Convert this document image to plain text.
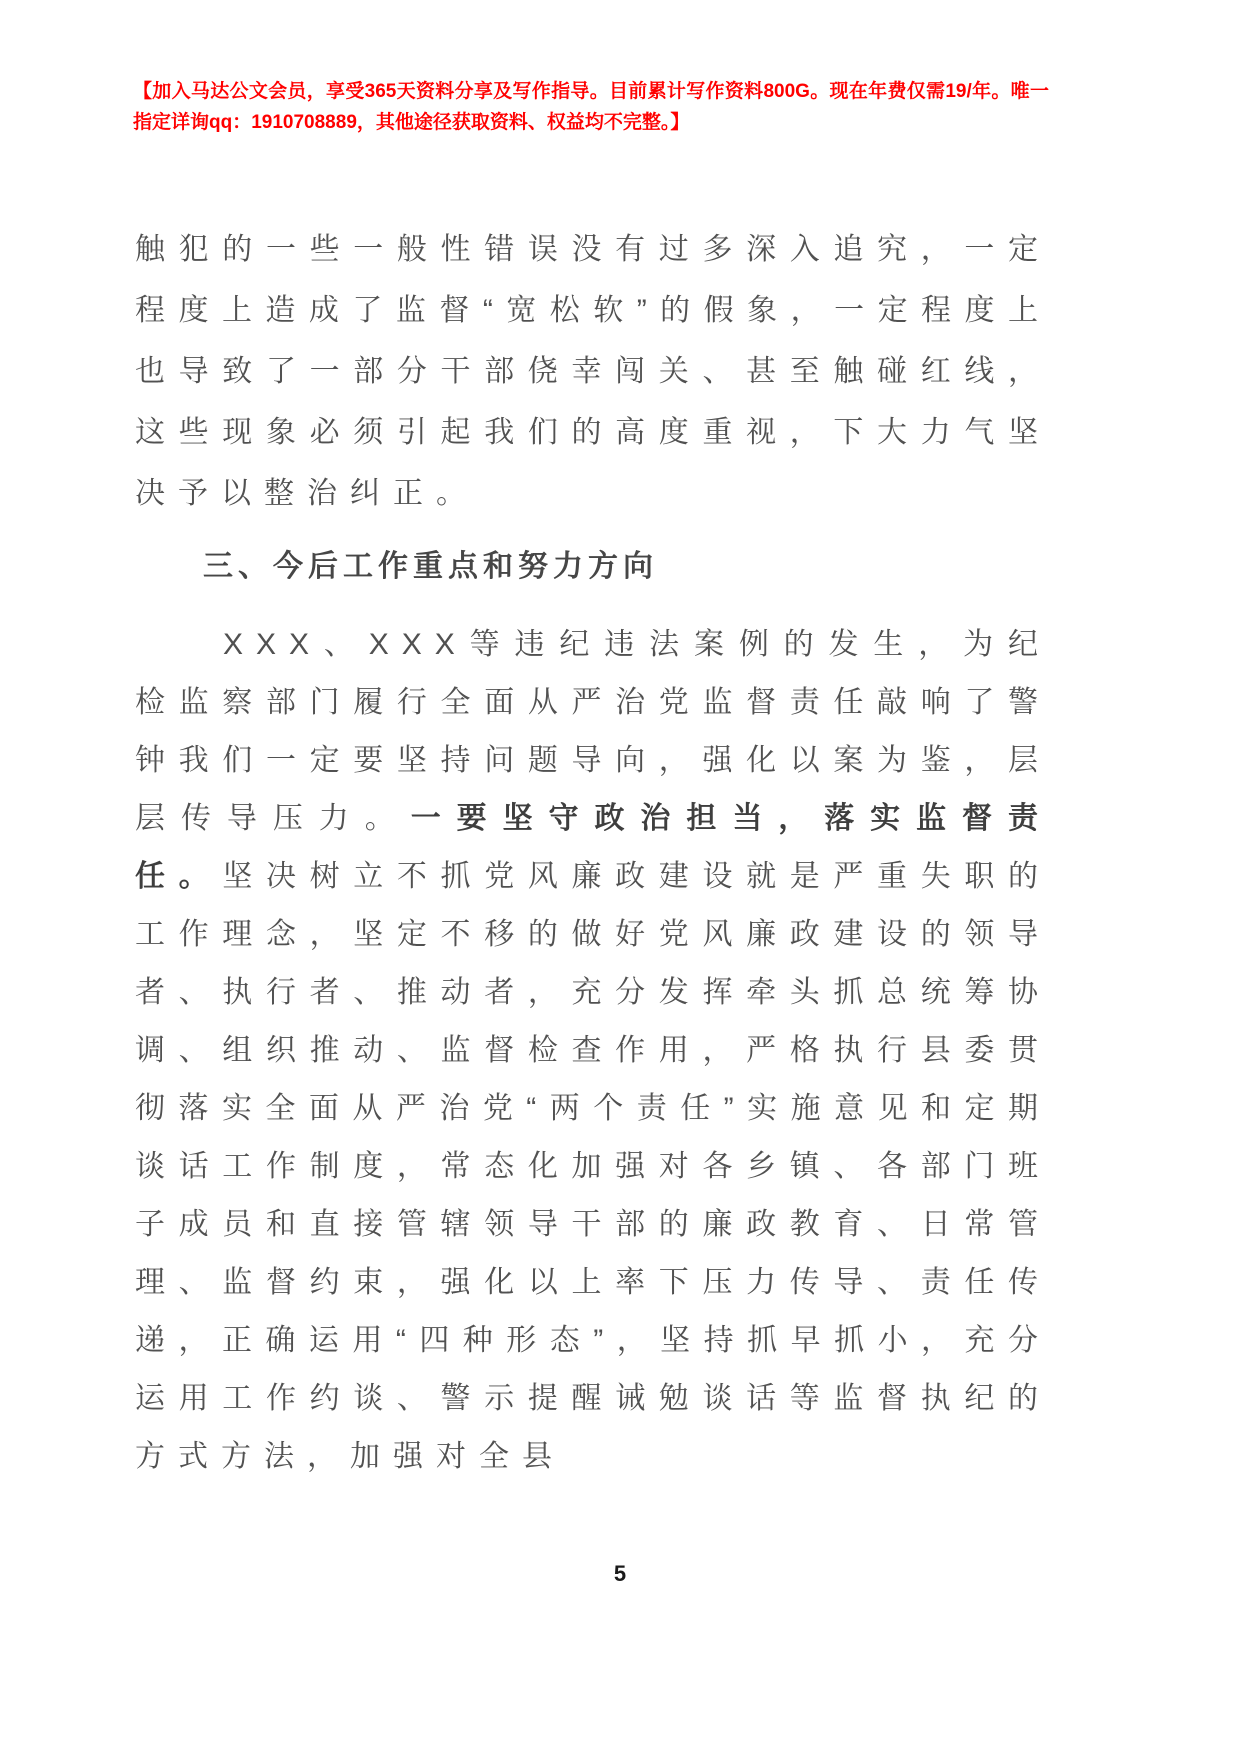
【加入马达公文会员，享受365天资料分享及写作指导。目前累计写作资料800G。现在年费仅需19/年。唯一指定详询qq：1910708889，其他途径获取资料、权益均不完整。】
触犯的一些一般性错误没有过多深入追究，一定程度上造成了监督“宽松软”的假象，一定程度上也导致了一部分干部侥幸闯关、甚至触碰红线，这些现象必须引起我们的高度重视，下大力气坚决予以整治纠正。
三、今后工作重点和努力方向
XXX、XXX等违纪违法案例的发生，为纪检监察部门履行全面从严治党监督责任敲响了警钟我们一定要坚持问题导向，强化以案为鉴，层层传导压力。一要坚守政治担当，落实监督责任。坚决树立不抓党风廉政建设就是严重失职的工作理念，坚定不移的做好党风廉政建设的领导者、执行者、推动者，充分发挥牵头抓总统筹协调、组织推动、监督检查作用，严格执行县委贯彻落实全面从严治党“两个责任”实施意见和定期谈话工作制度，常态化加强对各乡镇、各部门班子成员和直接管辖领导干部的廉政教育、日常管理、监督约束，强化以上率下压力传导、责任传递，正确运用“四种形态”，坚持抓早抓小，充分运用工作约谈、警示提醒诫勉谈话等监督执纪的方式方法，加强对全县
5
